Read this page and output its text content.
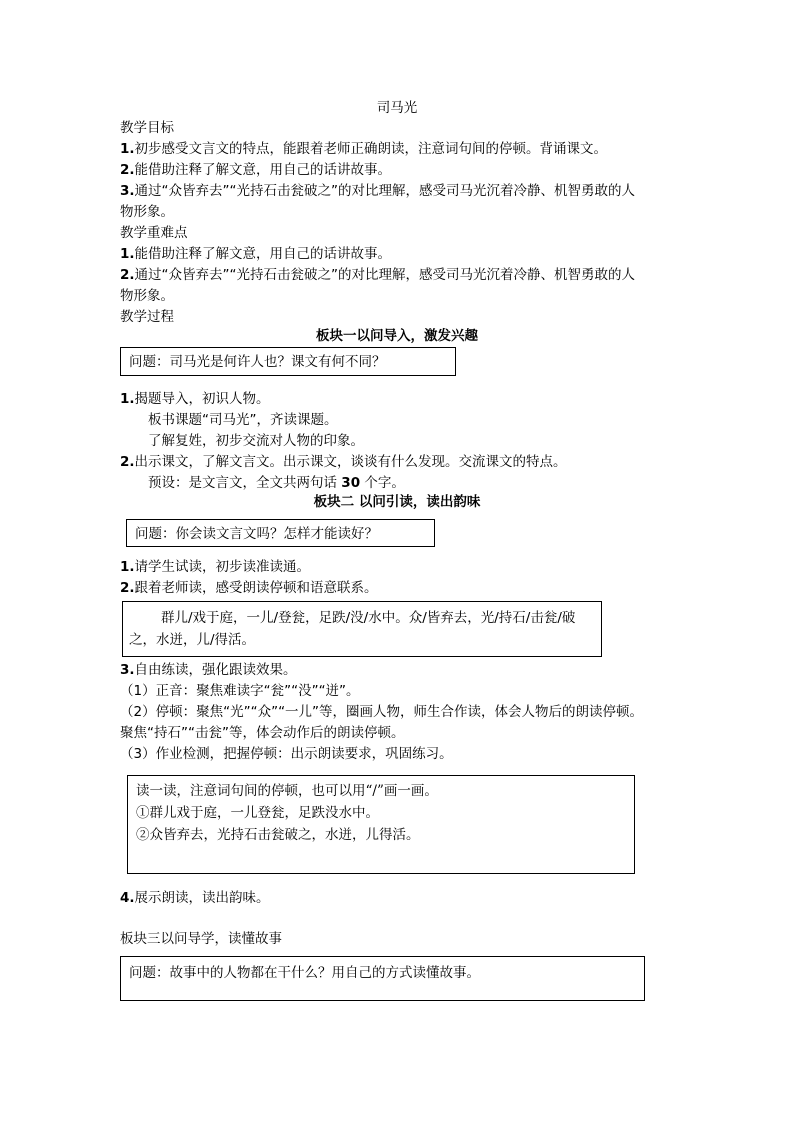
司马光
教学目标
1.初步感受文言文的特点，能跟着老师正确朗读，注意词句间的停顿。背诵课文。
2.能借助注释了解文意，用自己的话讲故事。
3.通过“众皆弃去”“光持石击瓮破之”的对比理解，感受司马光沉着冷静、机智勇敢的人
物形象。
教学重难点
1.能借助注释了解文意，用自己的话讲故事。
2.通过“众皆弃去”“光持石击瓮破之”的对比理解，感受司马光沉着冷静、机智勇敢的人
物形象。
教学过程
板块一以问导入，激发兴趣
问题：司马光是何许人也？课文有何不同？
1.揭题导入，初识人物。
板书课题“司马光”，齐读课题。
了解复姓，初步交流对人物的印象。
2.出示课文，了解文言文。出示课文，谈谈有什么发现。交流课文的特点。
预设：是文言文，全文共两句话 30 个字。
板块二 以问引读，读出韵味
问题：你会读文言文吗？怎样才能读好？
1.请学生试读，初步读准读通。
2.跟着老师读，感受朗读停顿和语意联系。
群儿/戏于庭，一儿/登瓮，足跌/没/水中。众/皆弃去，光/持石/击瓮/破
之，水迸，儿/得活。
3.自由练读，强化跟读效果。
（1）正音：聚焦难读字“瓮”“没”“迸”。
（2）停顿：聚焦“光”“众”“一儿”等，圈画人物，师生合作读，体会人物后的朗读停顿。
聚焦“持石”“击瓮”等，体会动作后的朗读停顿。
（3）作业检测，把握停顿：出示朗读要求，巩固练习。
读一读，注意词句间的停顿，也可以用“/”画一画。
①群儿戏于庭，一儿登瓮，足跌没水中。
②众皆弃去，光持石击瓮破之，水迸，儿得活。
4.展示朗读，读出韵味。
板块三以问导学，读懂故事
问题：故事中的人物都在干什么？用自己的方式读懂故事。
